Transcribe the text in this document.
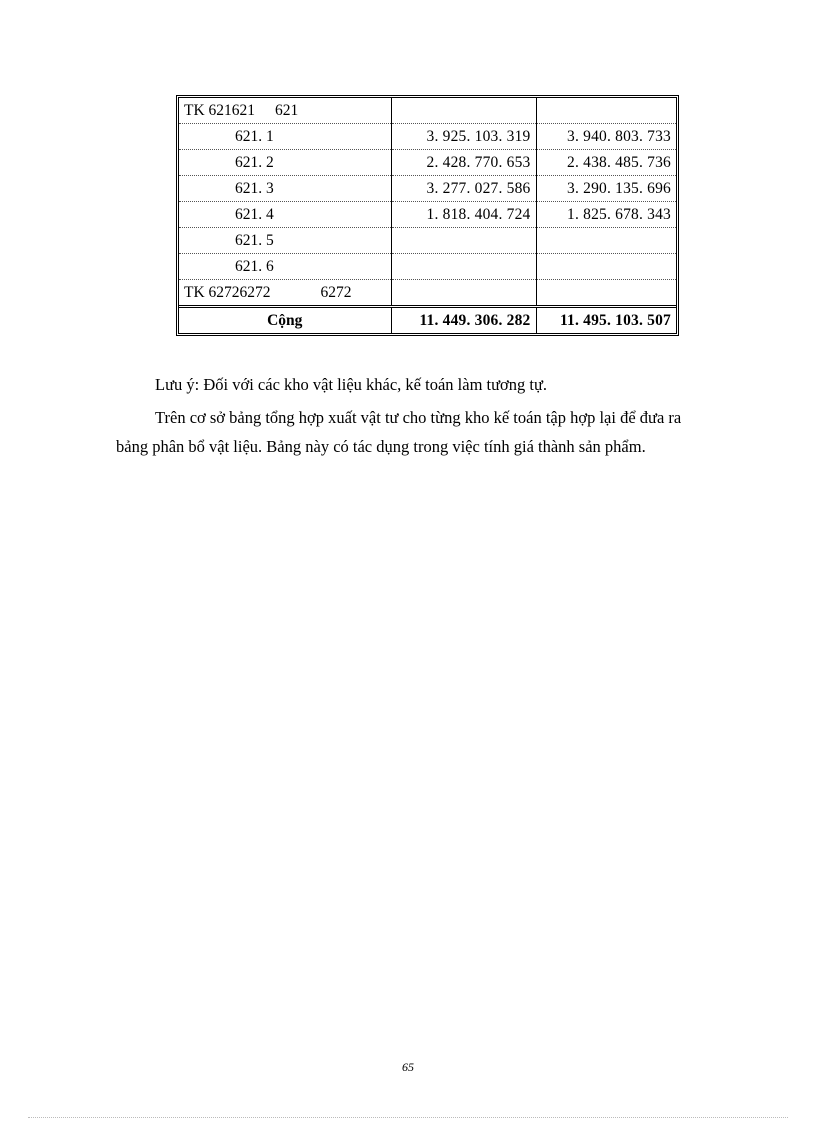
TK 621621 621		
621. 1	3. 925. 103. 319	3. 940. 803. 733
621. 2	2. 428. 770. 653	2. 438. 485. 736
621. 3	3. 277. 027. 586	3. 290. 135. 696
621. 4	1. 818. 404. 724	1. 825. 678. 343
621. 5		
621. 6		
TK 62726272 6272		
Cộng	11. 449. 306. 282	11. 495. 103. 507

Lưu ý: Đối với các kho vật liệu khác, kế toán làm tương tự.

Trên cơ sở bảng tổng hợp xuất vật tư cho từng kho kế toán tập hợp lại để đưa ra

bảng phân bổ vật liệu. Bảng này có tác dụng trong việc tính giá thành sản phẩm.

65
